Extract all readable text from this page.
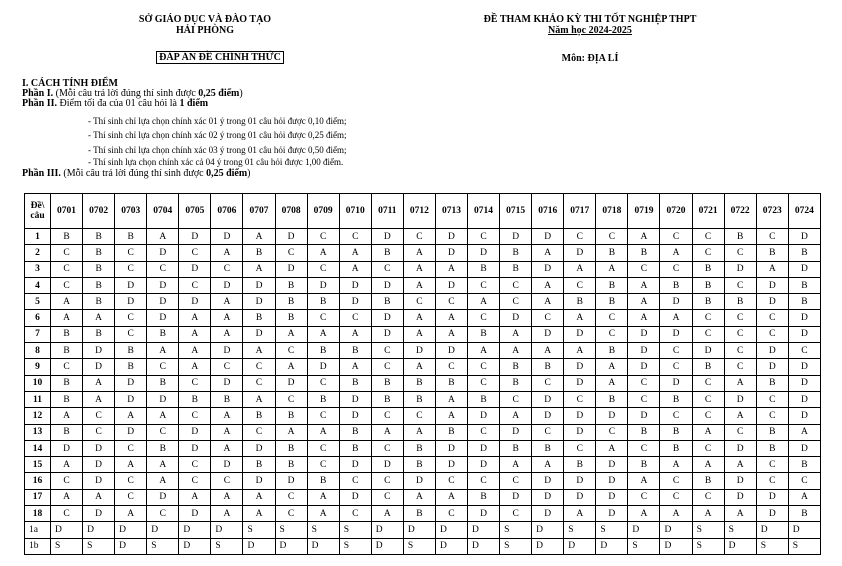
SỞ GIÁO DỤC VÀ ĐÀO TẠO
HẢI PHÒNG
ĐÁP ÁN ĐỀ CHÍNH THỨC
ĐỀ THAM KHẢO KỲ THI TỐT NGHIỆP THPT
Năm học 2024-2025
Môn: ĐỊA LÍ
I. CÁCH TÍNH ĐIỂM
Phần I. (Mỗi câu trả lời đúng thí sinh được 0,25 điểm)
Phần II. Điểm tối đa của 01 câu hỏi là 1 điểm
- Thí sinh chỉ lựa chọn chính xác 01 ý trong 01 câu hỏi được 0,10 điểm;
- Thí sinh chỉ lựa chọn chính xác 02 ý trong 01 câu hỏi được 0,25 điểm;
- Thí sinh chỉ lựa chọn chính xác 03 ý trong 01 câu hỏi được 0,50 điểm;
- Thí sinh lựa chọn chính xác cả 04 ý trong 01 câu hỏi được 1,00 điểm.
Phần III. (Mỗi câu trả lời đúng thí sinh được 0,25 điểm)
Đề\
câu	0701	0702	0703	0704	0705	0706	0707	0708	0709	0710	0711	0712	0713	0714	0715	0716	0717	0718	0719	0720	0721	0722	0723	0724
1	B	B	B	A	D	D	A	D	C	C	D	C	D	C	D	D	C	C	A	C	C	B	C	D
2	C	B	C	D	C	A	B	C	A	A	B	A	D	D	B	A	D	B	B	A	C	C	B	B
3	C	B	C	C	D	C	A	D	C	A	C	A	A	B	B	D	A	A	C	C	B	D	A	D
4	C	B	D	D	C	D	D	B	D	D	D	A	D	C	C	A	C	B	A	B	B	C	D	B
5	A	B	D	D	D	A	D	B	B	D	B	C	C	A	C	A	B	B	A	D	B	B	D	B
6	A	A	C	D	A	A	B	B	C	C	D	A	A	C	D	C	A	C	A	A	C	C	C	D
7	B	B	C	B	A	A	D	A	A	A	D	A	A	B	A	D	D	C	D	D	C	C	C	D
8	B	D	B	A	A	D	A	C	B	B	C	D	D	A	A	A	A	B	D	C	D	C	D	C
9	C	D	B	C	A	C	C	A	D	A	C	A	C	C	B	B	D	A	D	C	B	C	D	D
10	B	A	D	B	C	D	C	D	C	B	B	B	B	C	B	C	D	A	C	D	C	A	B	D
11	B	A	D	D	B	B	A	C	B	D	B	B	A	B	C	D	C	B	C	B	C	D	C	D
12	A	C	A	A	C	A	B	B	C	D	C	C	A	D	A	D	D	D	D	C	C	A	C	D
13	B	C	D	C	D	A	C	A	A	B	A	A	B	C	D	C	D	C	B	B	A	C	B	A
14	D	D	C	B	D	A	D	B	C	B	C	B	D	D	B	B	C	A	C	B	C	D	B	D
15	A	D	A	A	C	D	B	B	C	D	D	B	D	D	A	A	B	D	B	A	A	A	C	B
16	C	D	C	A	C	C	D	D	B	C	C	D	C	C	C	D	D	D	A	C	B	D	C	C
17	A	A	C	D	A	A	A	C	A	D	C	A	A	B	D	D	D	D	C	C	C	D	D	A
18	C	D	A	C	D	A	A	C	A	C	A	B	C	D	C	D	A	D	A	A	A	A	D	B
1a	D	D	D	D	D	D	S	S	S	S	D	D	D	D	S	D	S	S	D	D	S	S	D	D
1b	S	S	D	S	D	S	D	D	D	S	D	S	D	D	S	D	D	D	S	D	S	D	S	S
